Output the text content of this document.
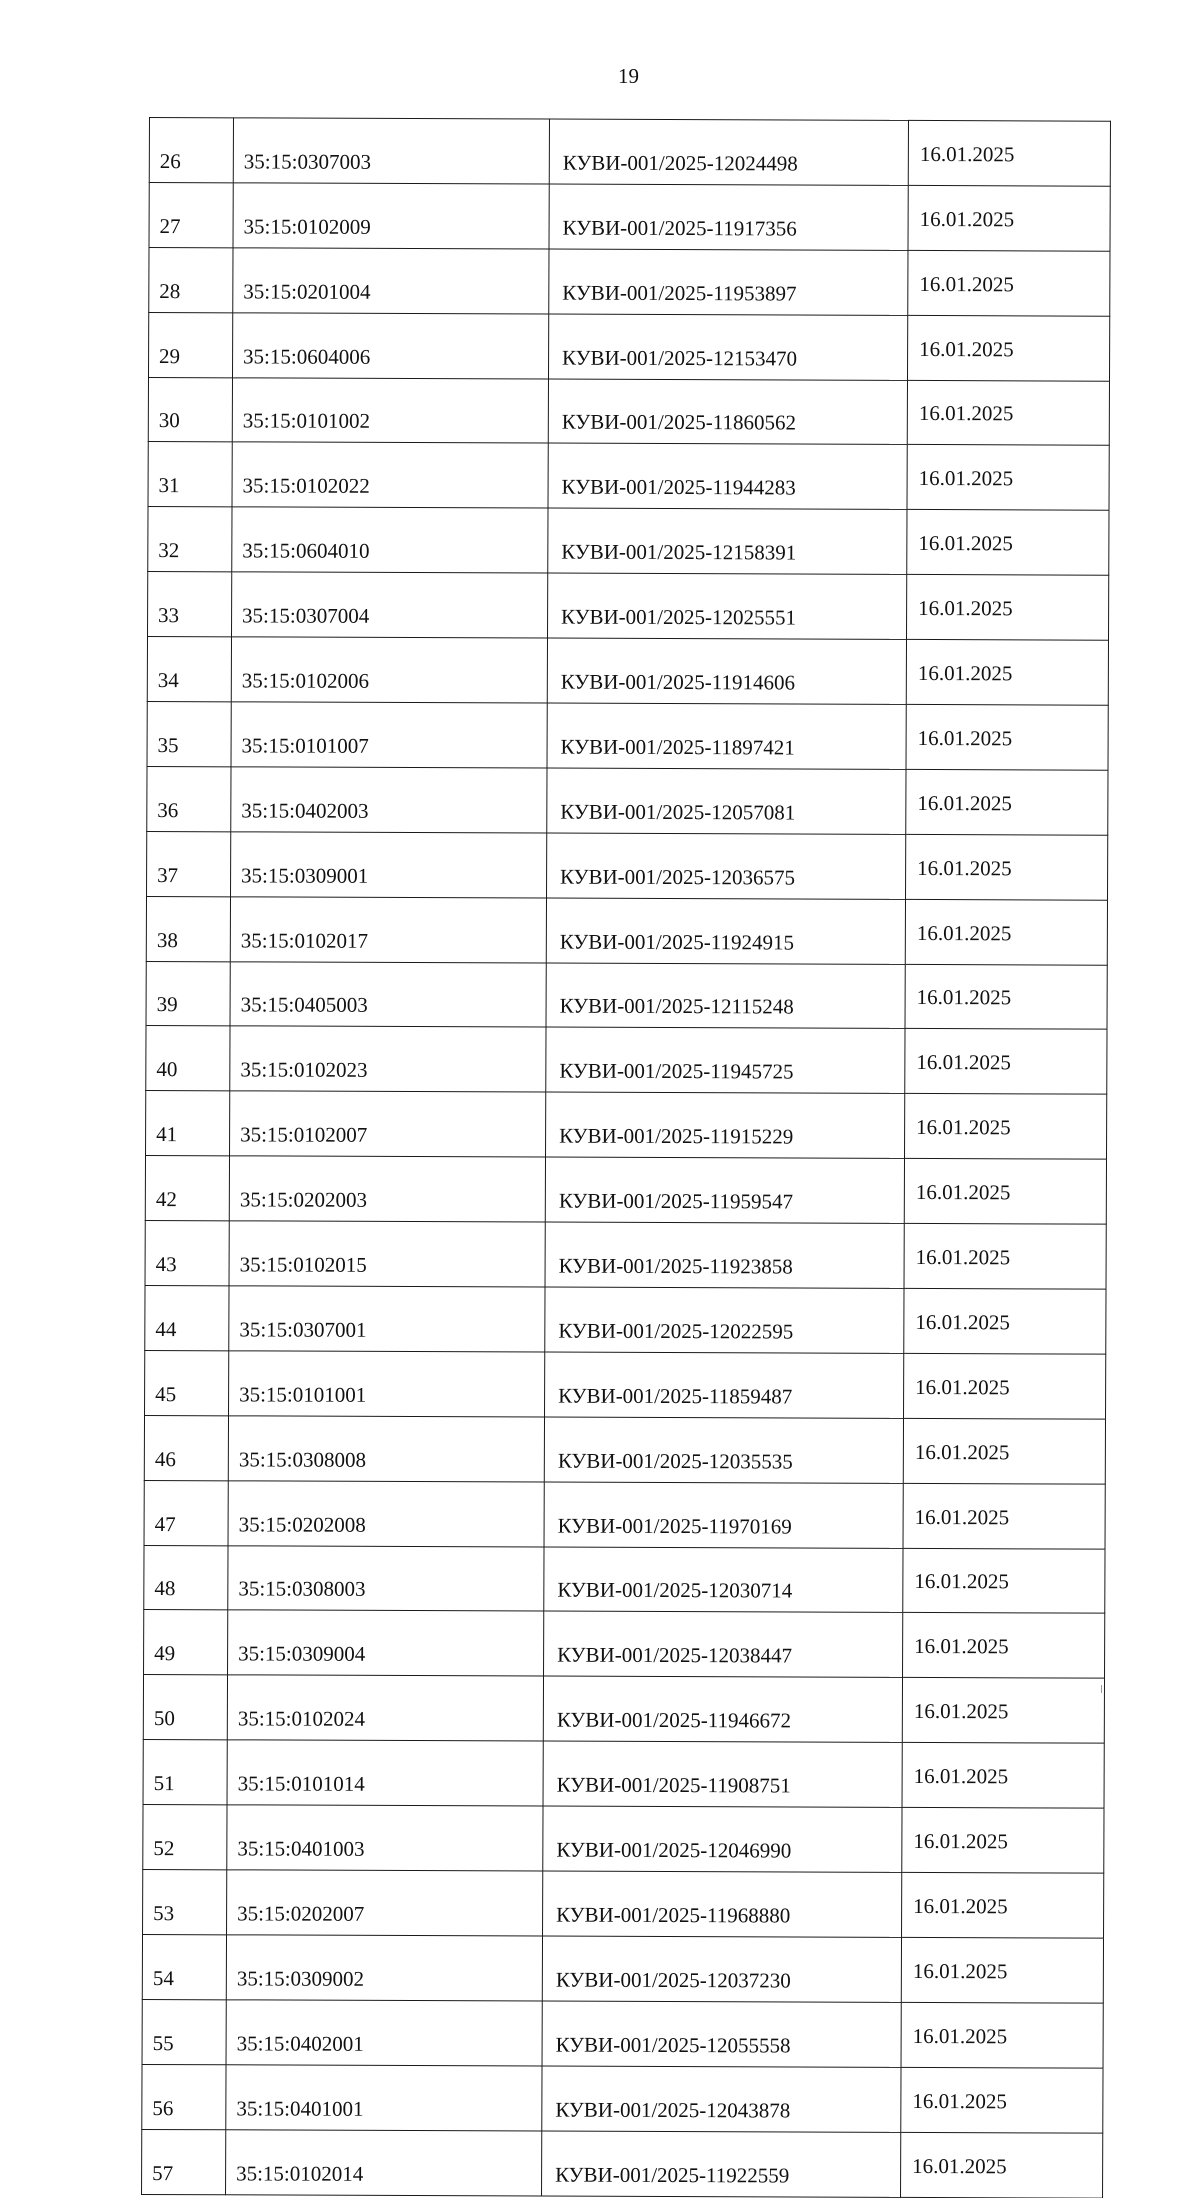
19
26	35:15:0307003	КУВИ-001/2025-12024498	16.01.2025
27	35:15:0102009	КУВИ-001/2025-11917356	16.01.2025
28	35:15:0201004	КУВИ-001/2025-11953897	16.01.2025
29	35:15:0604006	КУВИ-001/2025-12153470	16.01.2025
30	35:15:0101002	КУВИ-001/2025-11860562	16.01.2025
31	35:15:0102022	КУВИ-001/2025-11944283	16.01.2025
32	35:15:0604010	КУВИ-001/2025-12158391	16.01.2025
33	35:15:0307004	КУВИ-001/2025-12025551	16.01.2025
34	35:15:0102006	КУВИ-001/2025-11914606	16.01.2025
35	35:15:0101007	КУВИ-001/2025-11897421	16.01.2025
36	35:15:0402003	КУВИ-001/2025-12057081	16.01.2025
37	35:15:0309001	КУВИ-001/2025-12036575	16.01.2025
38	35:15:0102017	КУВИ-001/2025-11924915	16.01.2025
39	35:15:0405003	КУВИ-001/2025-12115248	16.01.2025
40	35:15:0102023	КУВИ-001/2025-11945725	16.01.2025
41	35:15:0102007	КУВИ-001/2025-11915229	16.01.2025
42	35:15:0202003	КУВИ-001/2025-11959547	16.01.2025
43	35:15:0102015	КУВИ-001/2025-11923858	16.01.2025
44	35:15:0307001	КУВИ-001/2025-12022595	16.01.2025
45	35:15:0101001	КУВИ-001/2025-11859487	16.01.2025
46	35:15:0308008	КУВИ-001/2025-12035535	16.01.2025
47	35:15:0202008	КУВИ-001/2025-11970169	16.01.2025
48	35:15:0308003	КУВИ-001/2025-12030714	16.01.2025
49	35:15:0309004	КУВИ-001/2025-12038447	16.01.2025
50	35:15:0102024	КУВИ-001/2025-11946672	16.01.2025
51	35:15:0101014	КУВИ-001/2025-11908751	16.01.2025
52	35:15:0401003	КУВИ-001/2025-12046990	16.01.2025
53	35:15:0202007	КУВИ-001/2025-11968880	16.01.2025
54	35:15:0309002	КУВИ-001/2025-12037230	16.01.2025
55	35:15:0402001	КУВИ-001/2025-12055558	16.01.2025
56	35:15:0401001	КУВИ-001/2025-12043878	16.01.2025
57	35:15:0102014	КУВИ-001/2025-11922559	16.01.2025
